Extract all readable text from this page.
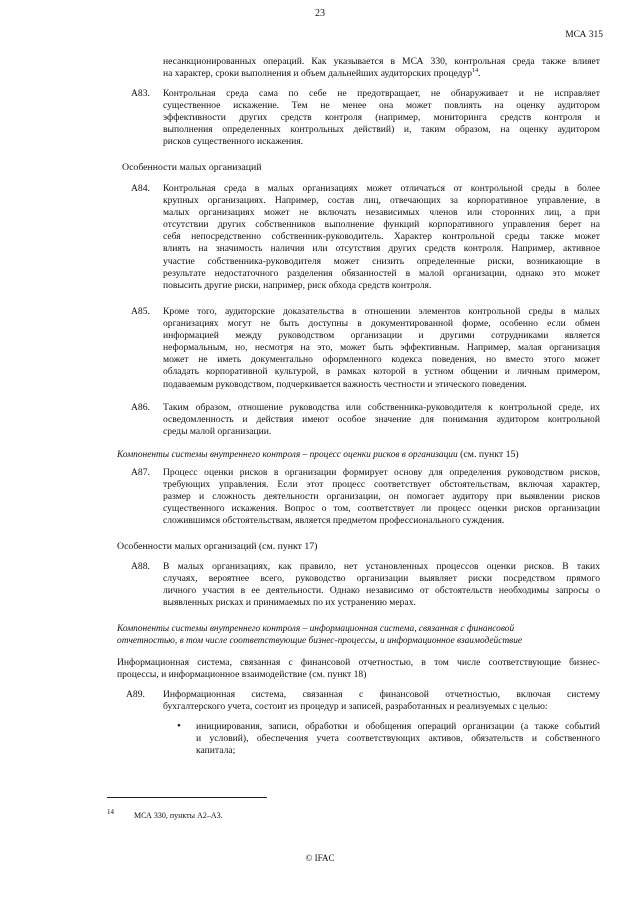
23
МСА 315
несанкционированных операций. Как указывается в МСА 330, контрольная среда также влияет
на характер, сроки выполнения и объем дальнейших аудиторских процедур$^{14}$.
A83. Контрольная среда сама по себе не предотвращает, не обнаруживает и не исправляет
существенное искажение. Тем не менее она может повлиять на оценку аудитором
эффективности других средств контроля (например, мониторинга средств контроля и
выполнения определенных контрольных действий) и, таким образом, на оценку аудитором
рисков существенного искажения.
Особенности малых организаций
A84. Контрольная среда в малых организациях может отличаться от контрольной среды в более
крупных организациях. Например, состав лиц, отвечающих за корпоративное управление, в
малых организациях может не включать независимых членов или сторонних лиц, а при
отсутствии других собственников выполнение функций корпоративного управления берет на
себя непосредственно собственник-руководитель. Характер контрольной среды также может
влиять на значимость наличия или отсутствия других средств контроля. Например, активное
участие собственника-руководителя может снизить определенные риски, возникающие в
результате недостаточного разделения обязанностей в малой организации, однако это может
повысить другие риски, например, риск обхода средств контроля.
A85. Кроме того, аудиторские доказательства в отношении элементов контрольной среды в малых
организациях могут не быть доступны в документированной форме, особенно если обмен
информацией между руководством организации и другими сотрудниками является
неформальным, но, несмотря на это, может быть эффективным. Например, малая организация
может не иметь документально оформленного кодекса поведения, но вместо этого может
обладать корпоративной культурой, в рамках которой в устном общении и личным примером,
подаваемым руководством, подчеркивается важность честности и этического поведения.
A86. Таким образом, отношение руководства или собственника-руководителя к контрольной среде, их
осведомленность и действия имеют особое значение для понимания аудитором контрольной
среды малой организации.
Компоненты системы внутреннего контроля – процесс оценки рисков в организации (см. пункт 15)
A87. Процесс оценки рисков в организации формирует основу для определения руководством рисков,
требующих управления. Если этот процесс соответствует обстоятельствам, включая характер,
размер и сложность деятельности организации, он помогает аудитору при выявлении рисков
существенного искажения. Вопрос о том, соответствует ли процесс оценки рисков организации
сложившимся обстоятельствам, является предметом профессионального суждения.
Особенности малых организаций (см. пункт 17)
A88. В малых организациях, как правило, нет установленных процессов оценки рисков. В таких
случаях, вероятнее всего, руководство организации выявляет риски посредством прямого
личного участия в ее деятельности. Однако независимо от обстоятельств необходимы запросы о
выявленных рисках и принимаемых по их устранению мерах.
Компоненты системы внутреннего контроля – информационная система, связанная с финансовой
отчетностью, в том числе соответствующие бизнес-процессы, и информационное взаимодействие
Информационная система, связанная с финансовой отчетностью, в том числе соответствующие бизнес-
процессы, и информационное взаимодействие (см. пункт 18)
A89. Информационная система, связанная с финансовой отчетностью, включая систему
бухгалтерского учета, состоит из процедур и записей, разработанных и реализуемых с целью:
• инициирования, записи, обработки и обобщения операций организации (а также событий
и условий), обеспечения учета соответствующих активов, обязательств и собственного
капитала;
14	МСА 330, пункты A2–A3.
© IFAC
